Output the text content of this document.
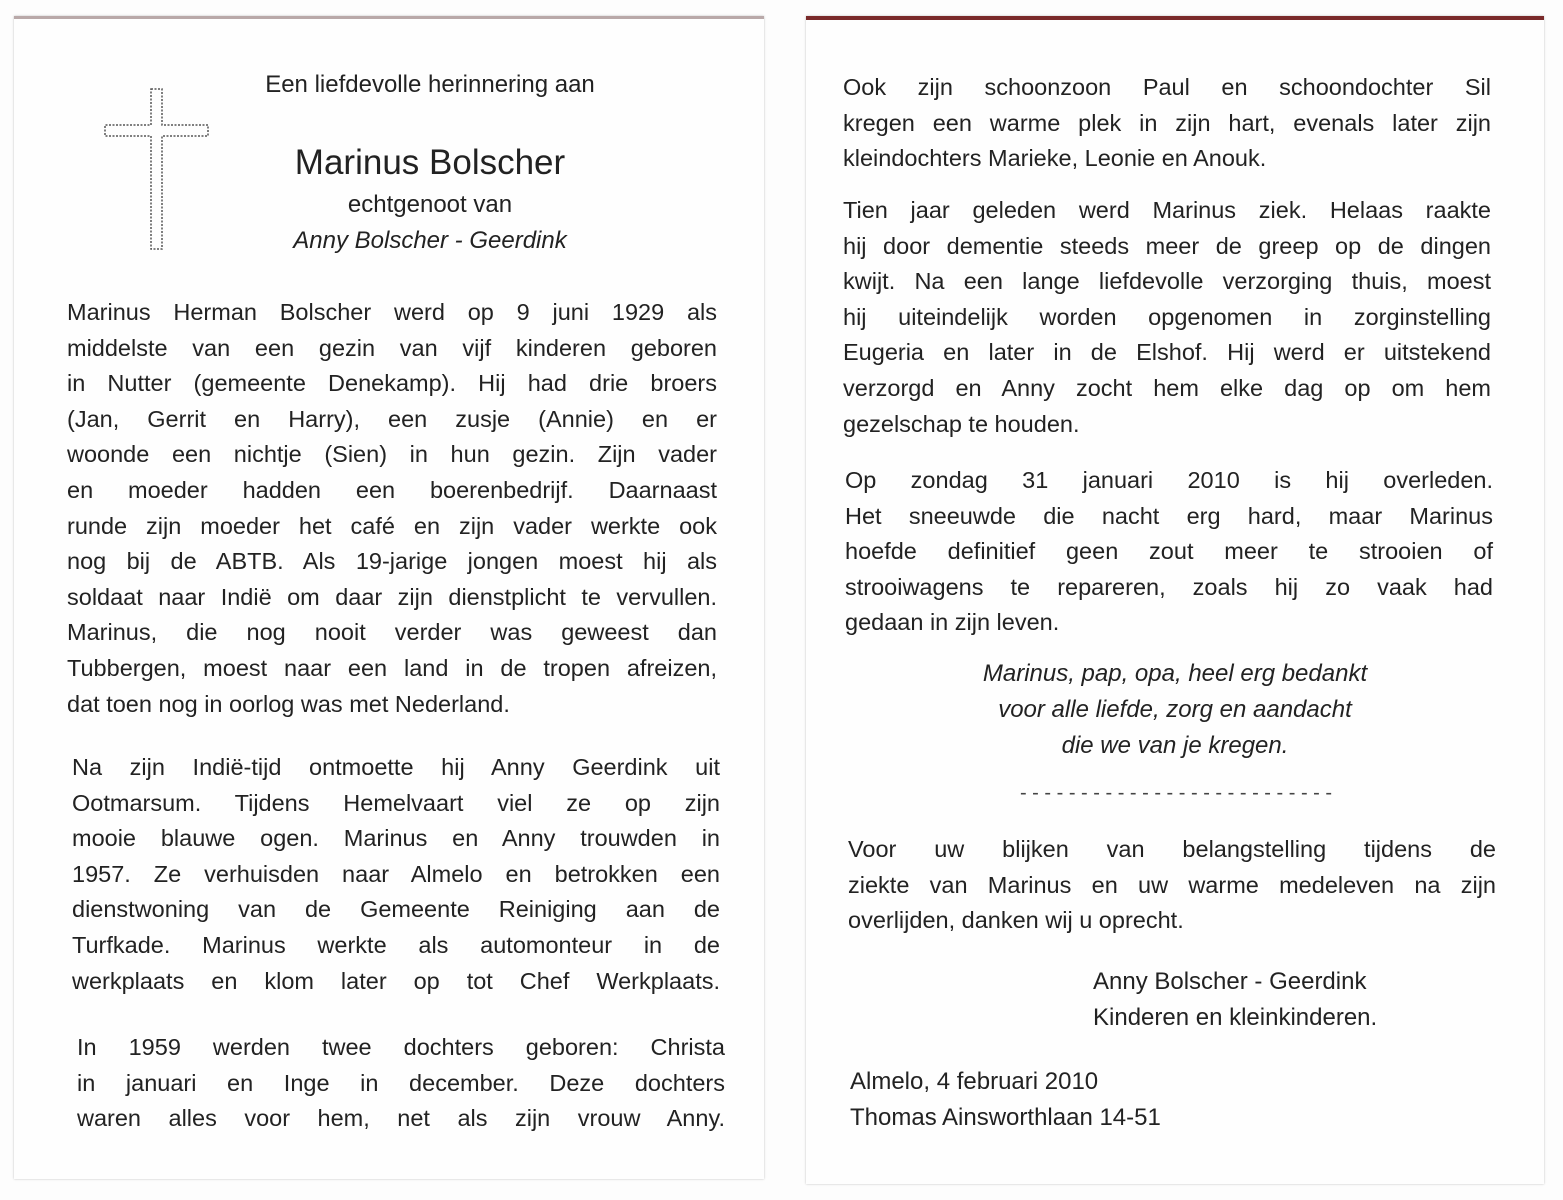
Een liefdevolle herinnering aan
Marinus Bolscher
echtgenoot van
Anny Bolscher - Geerdink
Marinus Herman Bolscher werd op 9 juni 1929 als
middelste van een gezin van vijf kinderen geboren
in Nutter (gemeente Denekamp). Hij had drie broers
(Jan, Gerrit en Harry), een zusje (Annie) en er
woonde een nichtje (Sien) in hun gezin. Zijn vader
en moeder hadden een boerenbedrijf. Daarnaast
runde zijn moeder het café en zijn vader werkte ook
nog bij de ABTB. Als 19-jarige jongen moest hij als
soldaat naar Indië om daar zijn dienstplicht te vervullen.
Marinus, die nog nooit verder was geweest dan
Tubbergen, moest naar een land in de tropen afreizen,
dat toen nog in oorlog was met Nederland.
Na zijn Indië-tijd ontmoette hij Anny Geerdink uit
Ootmarsum. Tijdens Hemelvaart viel ze op zijn
mooie blauwe ogen. Marinus en Anny trouwden in
1957. Ze verhuisden naar Almelo en betrokken een
dienstwoning van de Gemeente Reiniging aan de
Turfkade. Marinus werkte als automonteur in de
werkplaats en klom later op tot Chef Werkplaats.
In 1959 werden twee dochters geboren: Christa
in januari en Inge in december. Deze dochters
waren alles voor hem, net als zijn vrouw Anny.
Ook zijn schoonzoon Paul en schoondochter Sil
kregen een warme plek in zijn hart, evenals later zijn
kleindochters Marieke, Leonie en Anouk.
Tien jaar geleden werd Marinus ziek. Helaas raakte
hij door dementie steeds meer de greep op de dingen
kwijt. Na een lange liefdevolle verzorging thuis, moest
hij uiteindelijk worden opgenomen in zorginstelling
Eugeria en later in de Elshof. Hij werd er uitstekend
verzorgd en Anny zocht hem elke dag op om hem
gezelschap te houden.
Op zondag 31 januari 2010 is hij overleden.
Het sneeuwde die nacht erg hard, maar Marinus
hoefde definitief geen zout meer te strooien of
strooiwagens te repareren, zoals hij zo vaak had
gedaan in zijn leven.
Marinus, pap, opa, heel erg bedankt
voor alle liefde, zorg en aandacht
die we van je kregen.
- - - - - - - - - - - - - - - - - - - - - - - - - -
Voor uw blijken van belangstelling tijdens de
ziekte van Marinus en uw warme medeleven na zijn
overlijden, danken wij u oprecht.
Anny Bolscher - Geerdink
Kinderen en kleinkinderen.
Almelo, 4 februari 2010
Thomas Ainsworthlaan 14-51
